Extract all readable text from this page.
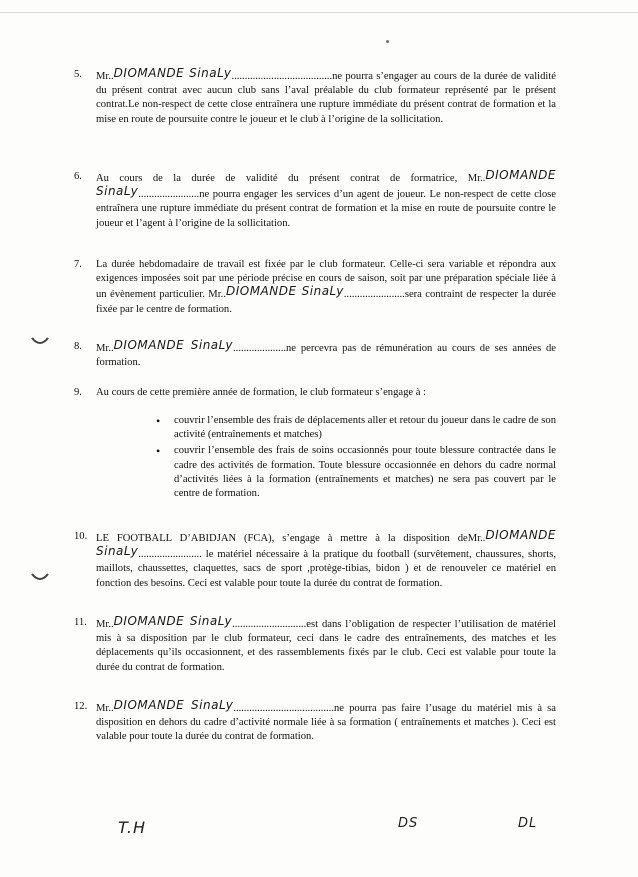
5. Mr..DIOMANDE SinaLy......................................ne pourra s’engager au cours de la durée de validité du présent contrat avec aucun club sans l’aval préalable du club formateur représenté par le présent contrat.Le non-respect de cette close entraînera une rupture immédiate du présent contrat de formation et la mise en route de poursuite contre le joueur et le club à l’origine de la sollicitation.
6. Au cours de la durée de validité du présent contrat de formatrice, Mr..DIOMANDE SinaLy.......................ne pourra engager les services d’un agent de joueur. Le non-respect de cette close entraînera une rupture immédiate du présent contrat de formation et la mise en route de poursuite contre le joueur et l’agent à l’origine de la sollicitation.
7. La durée hebdomadaire de travail est fixée par le club formateur. Celle-ci sera variable et répondra aux exigences imposées soit par une période précise en cours de saison, soit par une préparation spéciale liée à un évènement particulier. Mr..DIOMANDE SinaLy.......................sera contraint de respecter la durée fixée par le centre de formation.
8. Mr..DIOMANDE SinaLy....................ne percevra pas de rémunération au cours de ses années de formation.
9. Au cours de cette première année de formation, le club formateur s’engage à :
• couvrir l’ensemble des frais de déplacements aller et retour du joueur dans le cadre de son activité (entraînements et matches)
• couvrir l’ensemble des frais de soins occasionnés pour toute blessure contractée dans le cadre des activités de formation. Toute blessure occasionnée en dehors du cadre normal d’activités liées à la formation (entraînements et matches) ne sera pas couvert par le centre de formation.
10. LE FOOTBALL D’ABIDJAN (FCA), s’engage à mettre à la disposition deMr..DIOMANDE SinaLy........................ le matériel nécessaire à la pratique du football (survêtement, chaussures, shorts, maillots, chaussettes, claquettes, sacs de sport ,protège-tibias, bidon ) et de renouveler ce matériel en fonction des besoins. Ceci est valable pour toute la durée du contrat de formation.
11. Mr..DIOMANDE SinaLy............................est dans l’obligation de respecter l’utilisation de matériel mis à sa disposition par le club formateur, ceci dans le cadre des entraînements, des matches et les déplacements qu’ils occasionnent, et des rassemblements fixés par le club. Ceci est valable pour toute la durée du contrat de formation.
12. Mr..DIOMANDE SinaLy......................................ne pourra pas faire l’usage du matériel mis à sa disposition en dehors du cadre d’activité normale liée à sa formation ( entraînements et matches ). Ceci est valable pour toute la durée du contrat de formation.
T.H	DS	DL
